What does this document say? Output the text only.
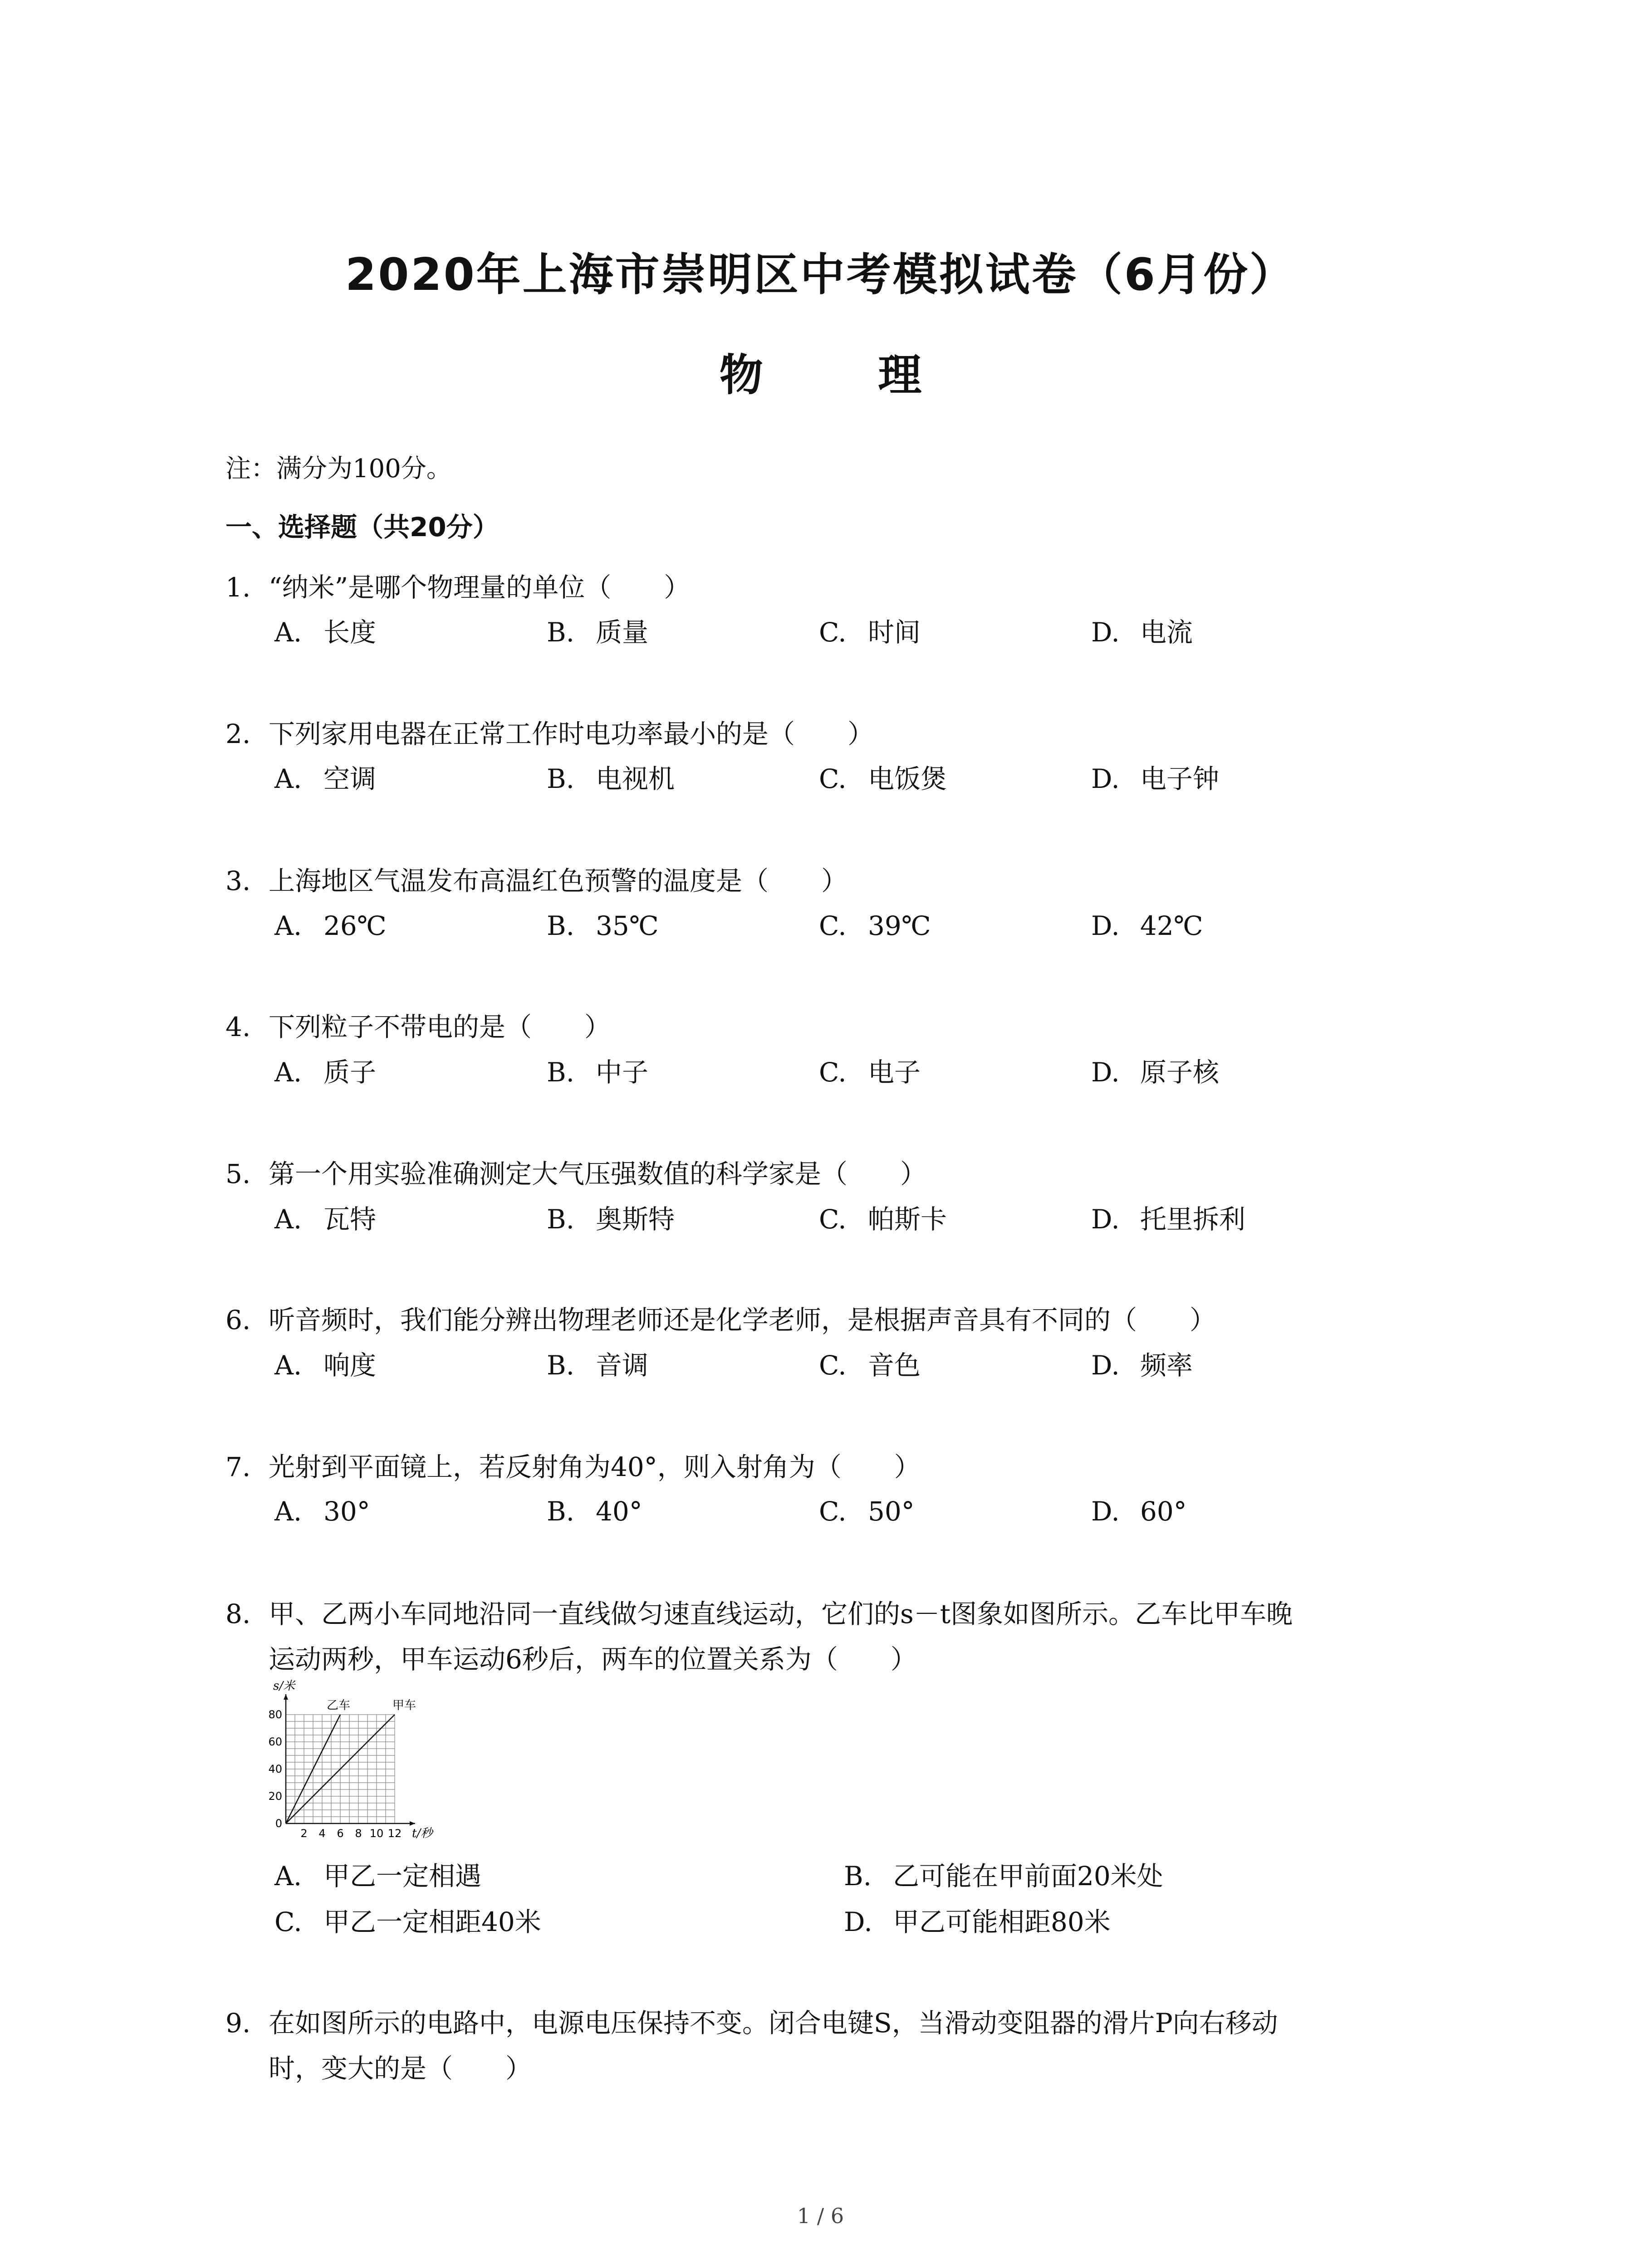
2020年上海市崇明区中考模拟试卷（6月份）
物 理
注：满分为100分。
一、选择题（共20分）
1. “纳米”是哪个物理量的单位（　　）
A. 长度	B. 质量	C. 时间	D. 电流
2. 下列家用电器在正常工作时电功率最小的是（　　）
A. 空调	B. 电视机	C. 电饭煲	D. 电子钟
3. 上海地区气温发布高温红色预警的温度是（　　）
A. 26℃	B. 35℃	C. 39℃	D. 42℃
4. 下列粒子不带电的是（　　）
A. 质子	B. 中子	C. 电子	D. 原子核
5. 第一个用实验准确测定大气压强数值的科学家是（　　）
A. 瓦特	B. 奥斯特	C. 帕斯卡	D. 托里拆利
6. 听音频时，我们能分辨出物理老师还是化学老师，是根据声音具有不同的（　　）
A. 响度	B. 音调	C. 音色	D. 频率
7. 光射到平面镜上，若反射角为40°，则入射角为（　　）
A. 30°	B. 40°	C. 50°	D. 60°
8. 甲、乙两小车同地沿同一直线做匀速直线运动，它们的s－t图象如图所示。乙车比甲车晚
运动两秒，甲车运动6秒后，两车的位置关系为（　　）
0
20
40
60
80
2 4 6 8 10 12
s/米
t/秒
乙车	甲车
A. 甲乙一定相遇	B. 乙可能在甲前面20米处
C. 甲乙一定相距40米	D. 甲乙可能相距80米
9. 在如图所示的电路中，电源电压保持不变。闭合电键S，当滑动变阻器的滑片P向右移动
时，变大的是（　　）
1 / 6
